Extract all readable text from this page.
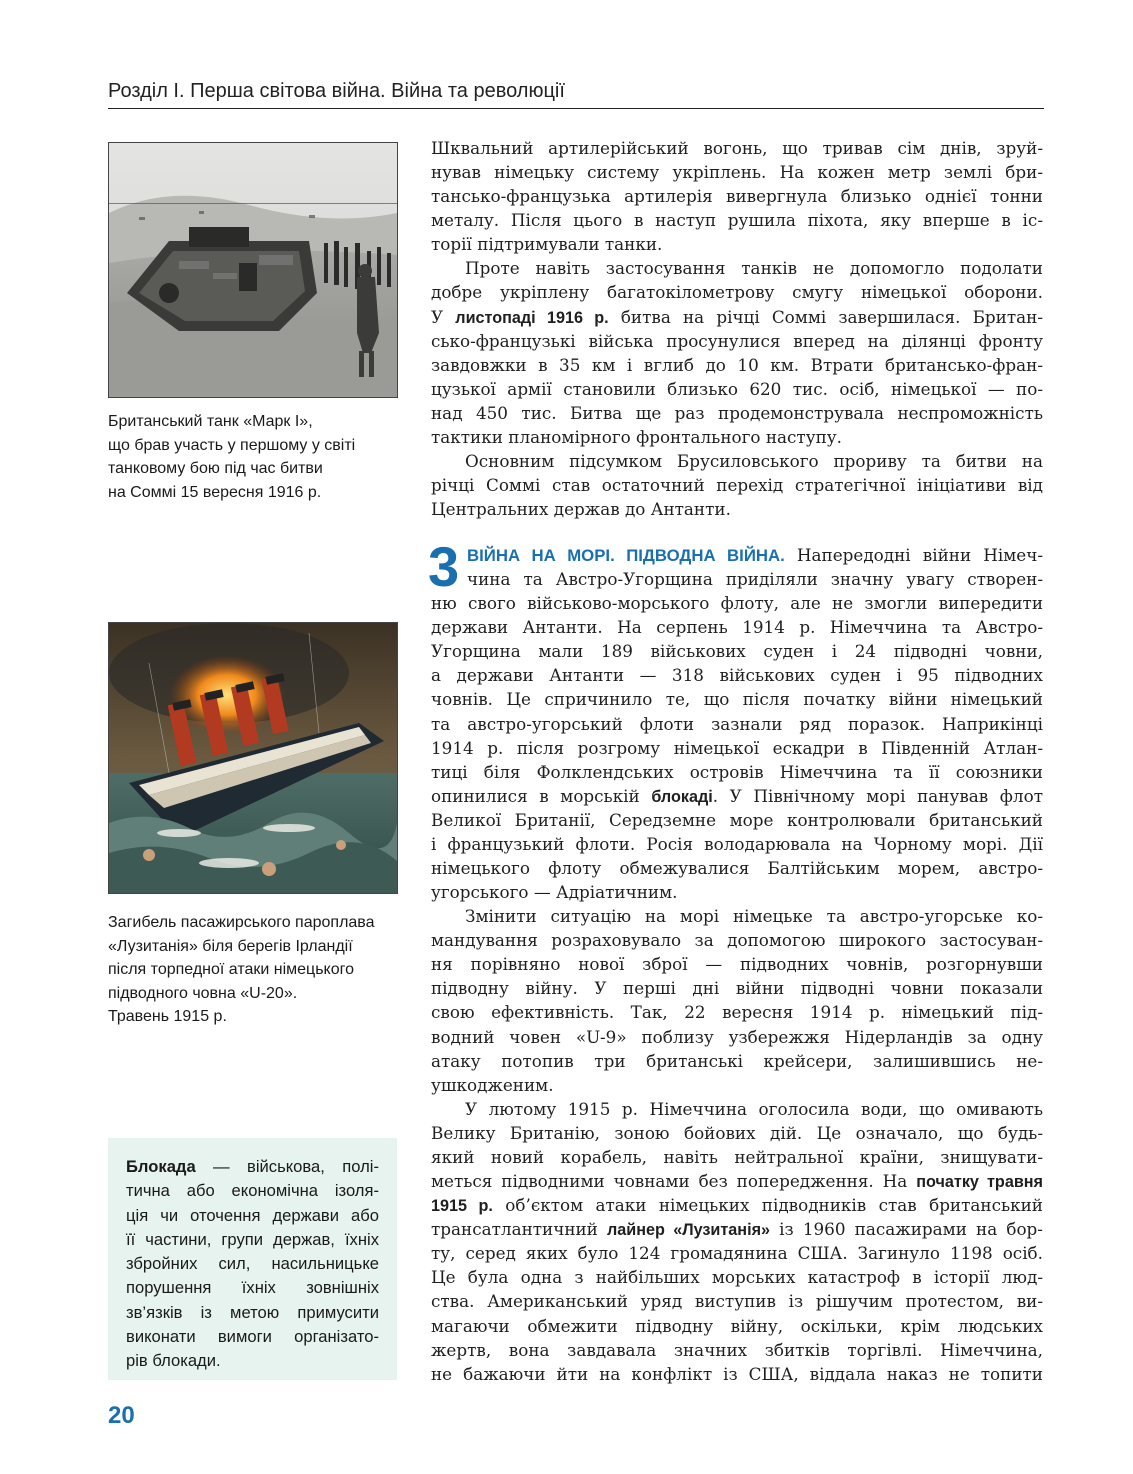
Розділ I. Перша світова війна. Війна та революції
Британський танк «Марк I»,
що брав участь у першому у світі
танковому бою під час битви
на Соммі 15 вересня 1916 р.
Загибель пасажирського пароплава
«Лузитанія» біля берегів Ірландії
після торпедної атаки німецького
підводного човна «U-20».
Травень 1915 р.
Блокада — військова, полі-
тична або економічна ізоля-
ція чи оточення держави або
її частини, групи держав, їхніх
збройних сил, насильницьке
порушення їхніх зовнішніх
зв’язків із метою примусити
виконати вимоги організато-
рів блокади.
Шквальний артилерійський вогонь, що тривав сім днів, зруй-
нував німецьку систему укріплень. На кожен метр землі бри-
тансько-французька артилерія вивергнула близько однієї тонни
металу. Після цього в наступ рушила піхота, яку вперше в іс-
торії підтримували танки.
Проте навіть застосування танків не допомогло подолати
добре укріплену багатокілометрову смугу німецької оборони.
У листопаді 1916 р. битва на річці Соммі завершилася. Британ-
сько-французькі війська просунулися вперед на ділянці фронту
завдовжки в 35 км і вглиб до 10 км. Втрати британсько-фран-
цузької армії становили близько 620 тис. осіб, німецької — по-
над 450 тис. Битва ще раз продемонструвала неспроможність
тактики планомірного фронтального наступу.
Основним підсумком Брусиловського прориву та битви на
річці Соммі став остаточний перехід стратегічної ініціативи від
Центральних держав до Антанти.
3 ВІЙНА НА МОРІ. ПІДВОДНА ВІЙНА. Напередодні війни Німеч-
чина та Австро-Угорщина приділяли значну увагу створен-
ню свого військово-морського флоту, але не змогли випередити
держави Антанти. На серпень 1914 р. Німеччина та Австро-
Угорщина мали 189 військових суден і 24 підводні човни,
а держави Антанти — 318 військових суден і 95 підводних
човнів. Це спричинило те, що після початку війни німецький
та австро-угорський флоти зазнали ряд поразок. Наприкінці
1914 р. після розгрому німецької ескадри в Південній Атлан-
тиці біля Фолклендських островів Німеччина та її союзники
опинилися в морській блокаді. У Північному морі панував флот
Великої Британії, Середземне море контролювали британський
і французький флоти. Росія володарювала на Чорному морі. Дії
німецького флоту обмежувалися Балтійським морем, австро-
угорського — Адріатичним.
Змінити ситуацію на морі німецьке та австро-угорське ко-
мандування розраховувало за допомогою широкого застосуван-
ня порівняно нової зброї — підводних човнів, розгорнувши
підводну війну. У перші дні війни підводні човни показали
свою ефективність. Так, 22 вересня 1914 р. німецький під-
водний човен «U-9» поблизу узбережжя Нідерландів за одну
атаку потопив три британські крейсери, залишившись не-
ушкодженим.
У лютому 1915 р. Німеччина оголосила води, що омивають
Велику Британію, зоною бойових дій. Це означало, що будь-
який новий корабель, навіть нейтральної країни, знищувати-
меться підводними човнами без попередження. На початку травня
1915 р. об’єктом атаки німецьких підводників став британський
трансатлантичний лайнер «Лузитанія» із 1960 пасажирами на бор-
ту, серед яких було 124 громадянина США. Загинуло 1198 осіб.
Це була одна з найбільших морських катастроф в історії люд-
ства. Американський уряд виступив із рішучим протестом, ви-
магаючи обмежити підводну війну, оскільки, крім людських
жертв, вона завдавала значних збитків торгівлі. Німеччина,
не бажаючи йти на конфлікт із США, віддала наказ не топити
20
